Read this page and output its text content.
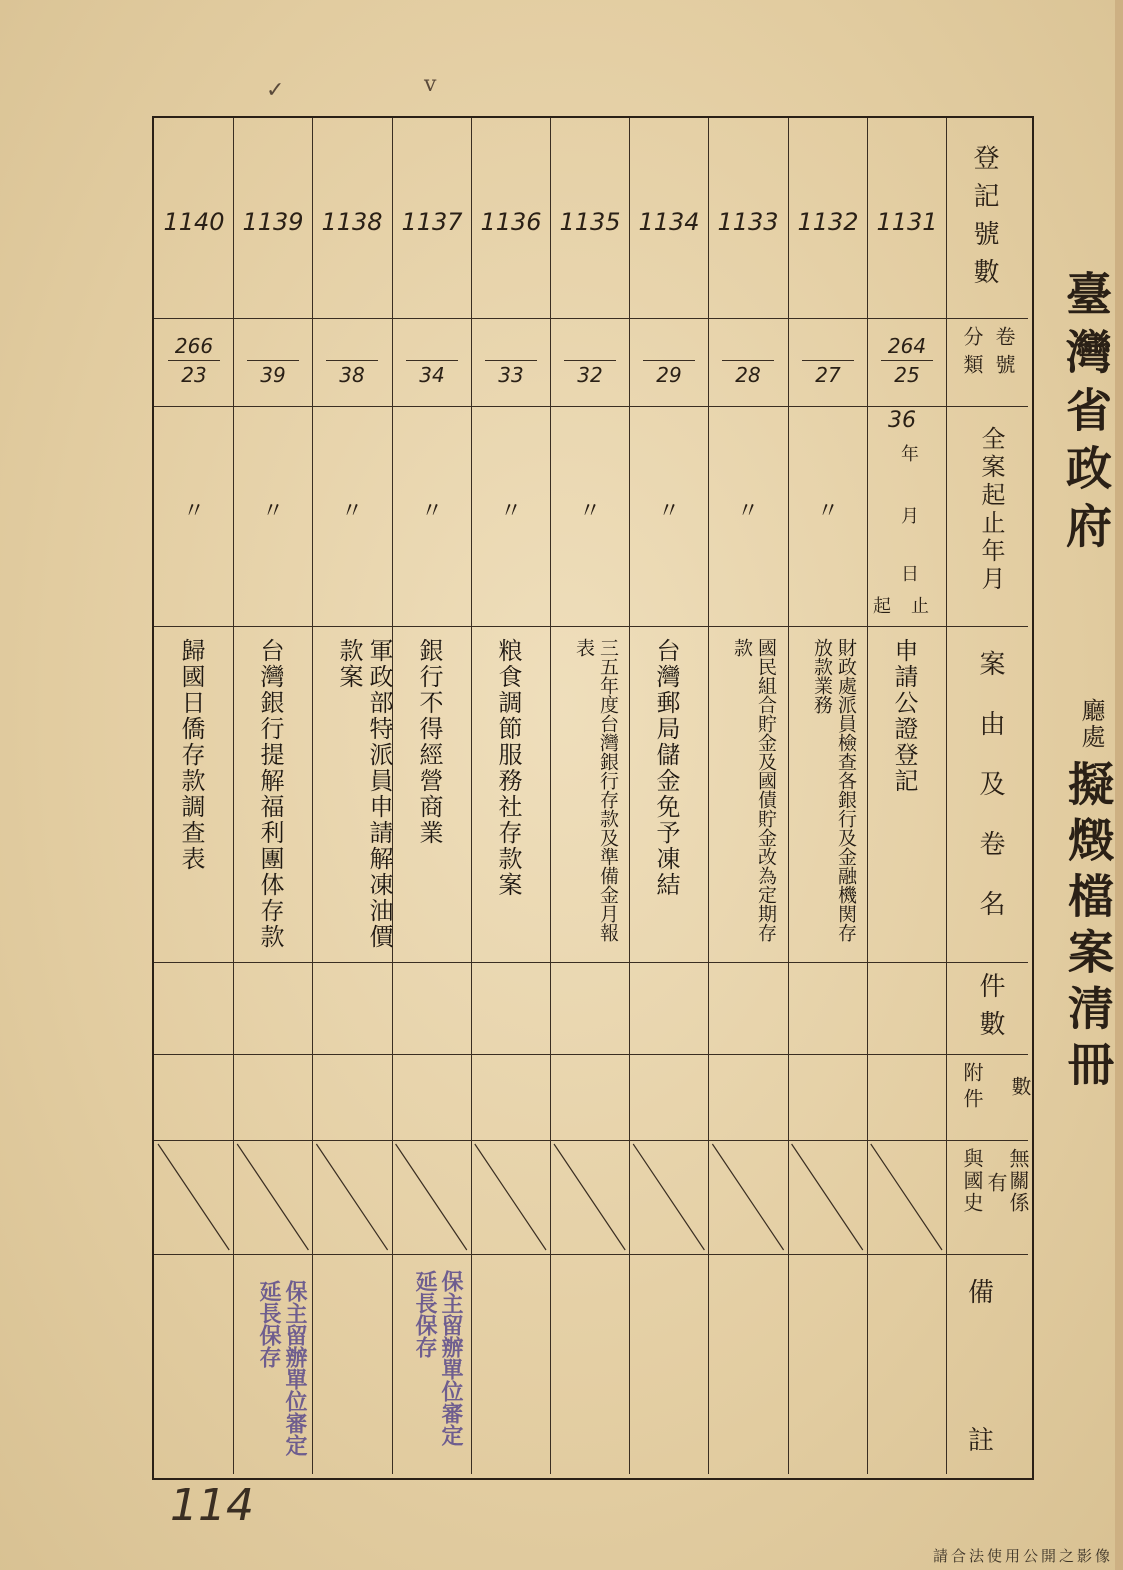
臺灣省政府
廳處
擬燬檔案清冊
✓	v
登記號數
卷號
分類
全案起止年月
案由及卷名
件數
數
附件
無關係
有
與國史
備
註
36
年
月
日
起	止
1131
264
25
申請公證登記
1132

27
〃
財政處派員檢查各銀行及金融機関存放款業務
1133

28
〃
國民組合貯金及國債貯金改為定期存款
1134

29
〃
台灣郵局儲金免予凍結
1135

32
〃
三五年度台灣銀行存款及準備金月報表
1136

33
〃
粮食調節服務社存款案
1137

34
〃
銀行不得經營商業
1138

38
〃
軍政部特派員申請解凍油價款案
1139

39
〃
台灣銀行提解福利團体存款
1140
266
23
〃
歸國日僑存款調查表
保主留辦單位審定延長保存
保主留辦單位審定延長保存
114
請合法使用公開之影像
